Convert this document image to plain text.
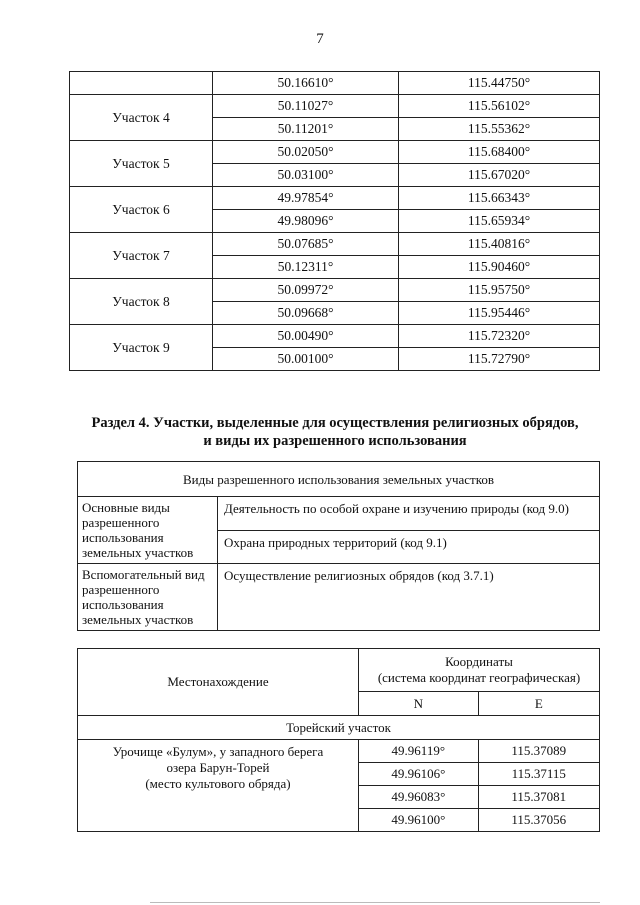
7
	50.16610°	115.44750°
Участок 4	50.11027°	115.56102°
	50.11201°	115.55362°
Участок 5	50.02050°	115.68400°
	50.03100°	115.67020°
Участок 6	49.97854°	115.66343°
	49.98096°	115.65934°
Участок 7	50.07685°	115.40816°
	50.12311°	115.90460°
Участок 8	50.09972°	115.95750°
	50.09668°	115.95446°
Участок 9	50.00490°	115.72320°
	50.00100°	115.72790°
Раздел 4. Участки, выделенные для осуществления религиозных обрядов,
и виды их разрешенного использования
Виды разрешенного использования земельных участков	
Основные виды разрешенного использования земельных участков	Деятельность по особой охране и изучению природы (код 9.0)
	Охрана природных территорий (код 9.1)
Вспомогательный вид разрешенного использования земельных участков	Осуществление религиозных обрядов (код 3.7.1)
Местонахождение	Координаты
(система координат географическая)	

	N	E
Торейский участок		

Урочище «Булум», у западного берега
озера Барун-Торей
(место культового обряда)	49.96119°	115.37089
	49.96106°	115.37115
	49.96083°	115.37081
	49.96100°	115.37056
